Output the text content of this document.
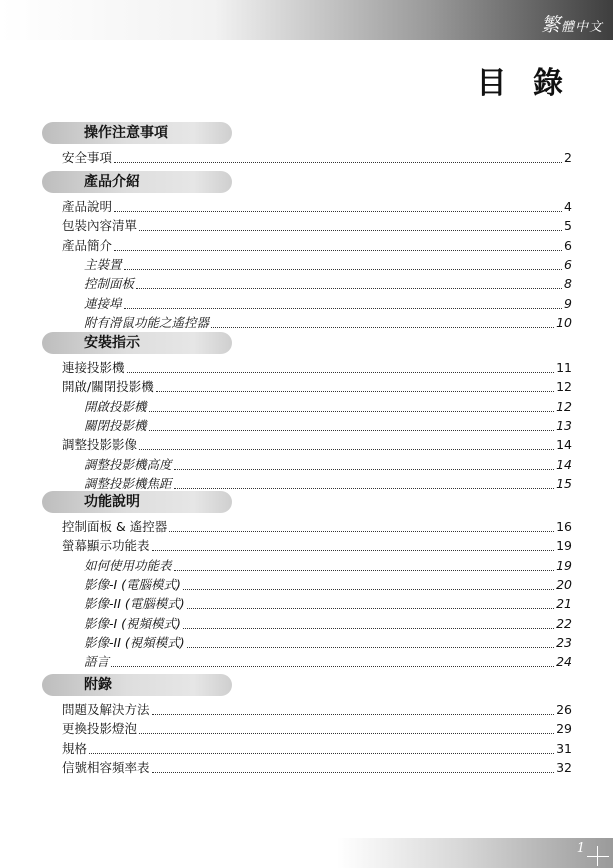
繁體中文
目 錄
操作注意事項
安全事項	2
產品介紹
產品說明	4
包裝內容清單	5
產品簡介	6
主裝置	6
控制面板	8
連接埠	9
附有滑鼠功能之遙控器	10
安裝指示
連接投影機	11
開啟/關閉投影機	12
開啟投影機	12
關閉投影機	13
調整投影影像	14
調整投影機高度	14
調整投影機焦距	15
功能說明
控制面板 & 遙控器	16
螢幕顯示功能表	19
如何使用功能表	19
影像-I (電腦模式)	20
影像-II (電腦模式)	21
影像-I (視頻模式)	22
影像-II (視頻模式)	23
語言	24
附錄
問題及解決方法	26
更換投影燈泡	29
規格	31
信號相容頻率表	32
1
